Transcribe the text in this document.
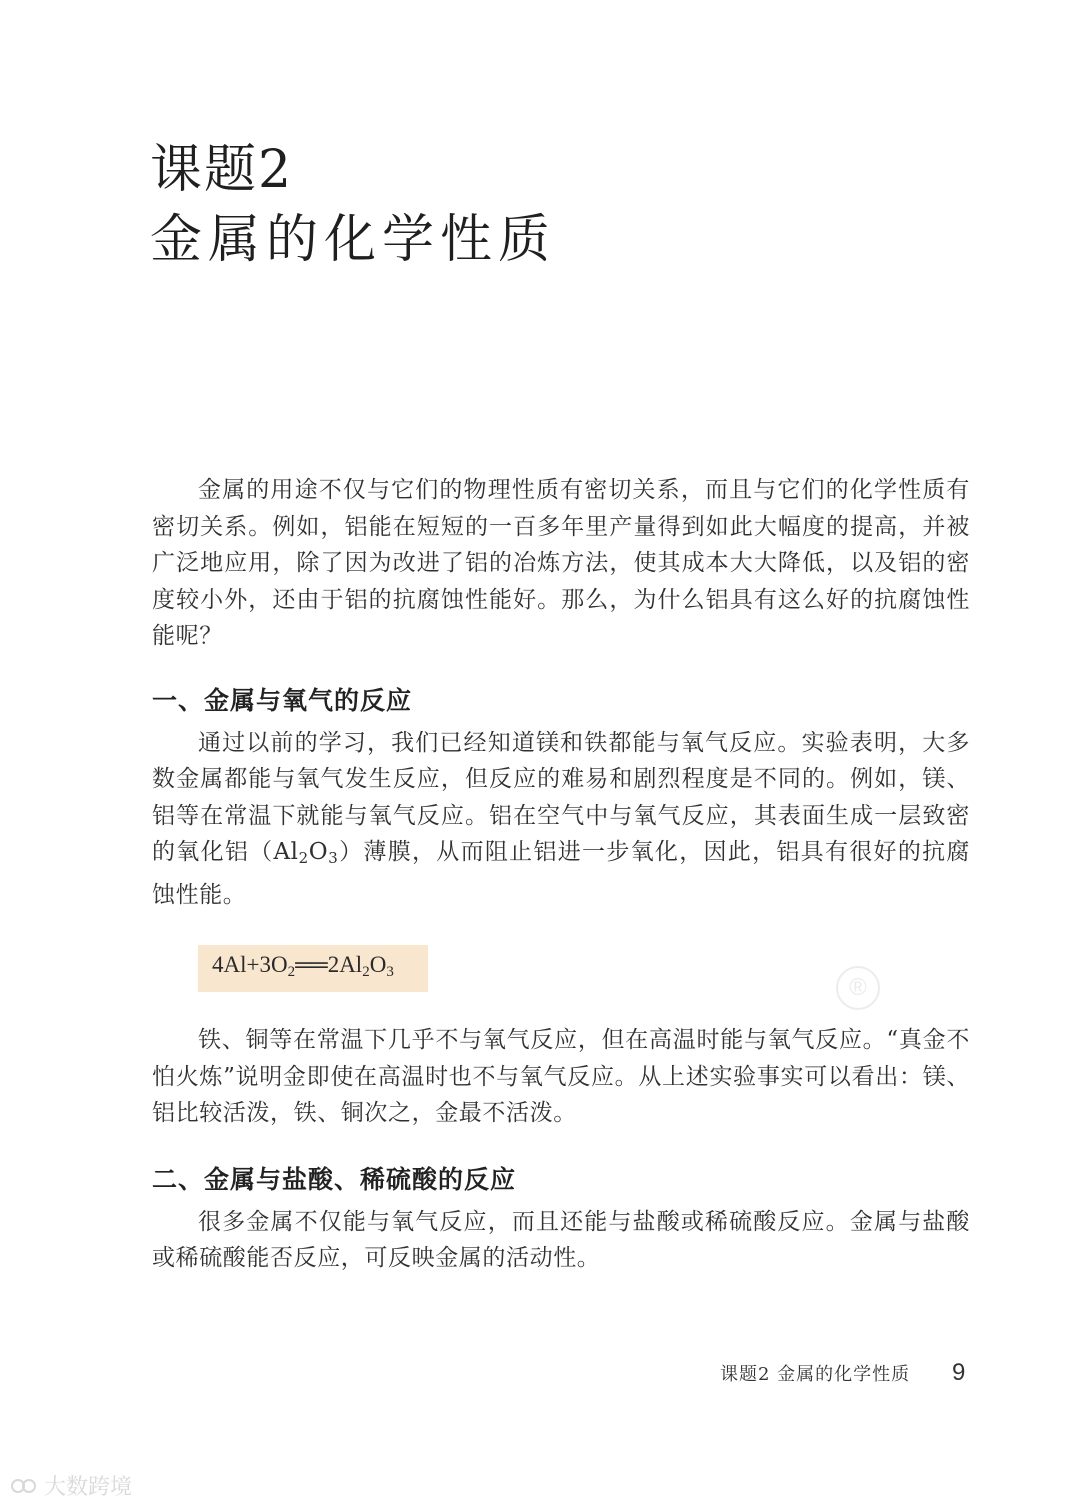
课题2
金属的化学性质

金属的用途不仅与它们的物理性质有密切关系，而且与它们的化学性质有密切关系。例如，铝能在短短的一百多年里产量得到如此大幅度的提高，并被广泛地应用，除了因为改进了铝的冶炼方法，使其成本大大降低，以及铝的密度较小外，还由于铝的抗腐蚀性能好。那么，为什么铝具有这么好的抗腐蚀性能呢？

一、金属与氧气的反应

通过以前的学习，我们已经知道镁和铁都能与氧气反应。实验表明，大多数金属都能与氧气发生反应，但反应的难易和剧烈程度是不同的。例如，镁、铝等在常温下就能与氧气反应。铝在空气中与氧气反应，其表面生成一层致密的氧化铝$(Al_2O_3)$薄膜，从而阻止铝进一步氧化，因此，铝具有很好的抗腐蚀性能。

$4Al+3O_2══2Al_2O_3$

铁、铜等在常温下几乎不与氧气反应，但在高温时能与氧气反应。“真金不怕火炼”说明金即使在高温时也不与氧气反应。从上述实验事实可以看出：镁、铝比较活泼，铁、铜次之，金最不活泼。

二、金属与盐酸、稀硫酸的反应

很多金属不仅能与氧气反应，而且还能与盐酸或稀硫酸反应。金属与盐酸或稀硫酸能否反应，可反映金属的活动性。

®
课题2 金属的化学性质 9
大数跨境
